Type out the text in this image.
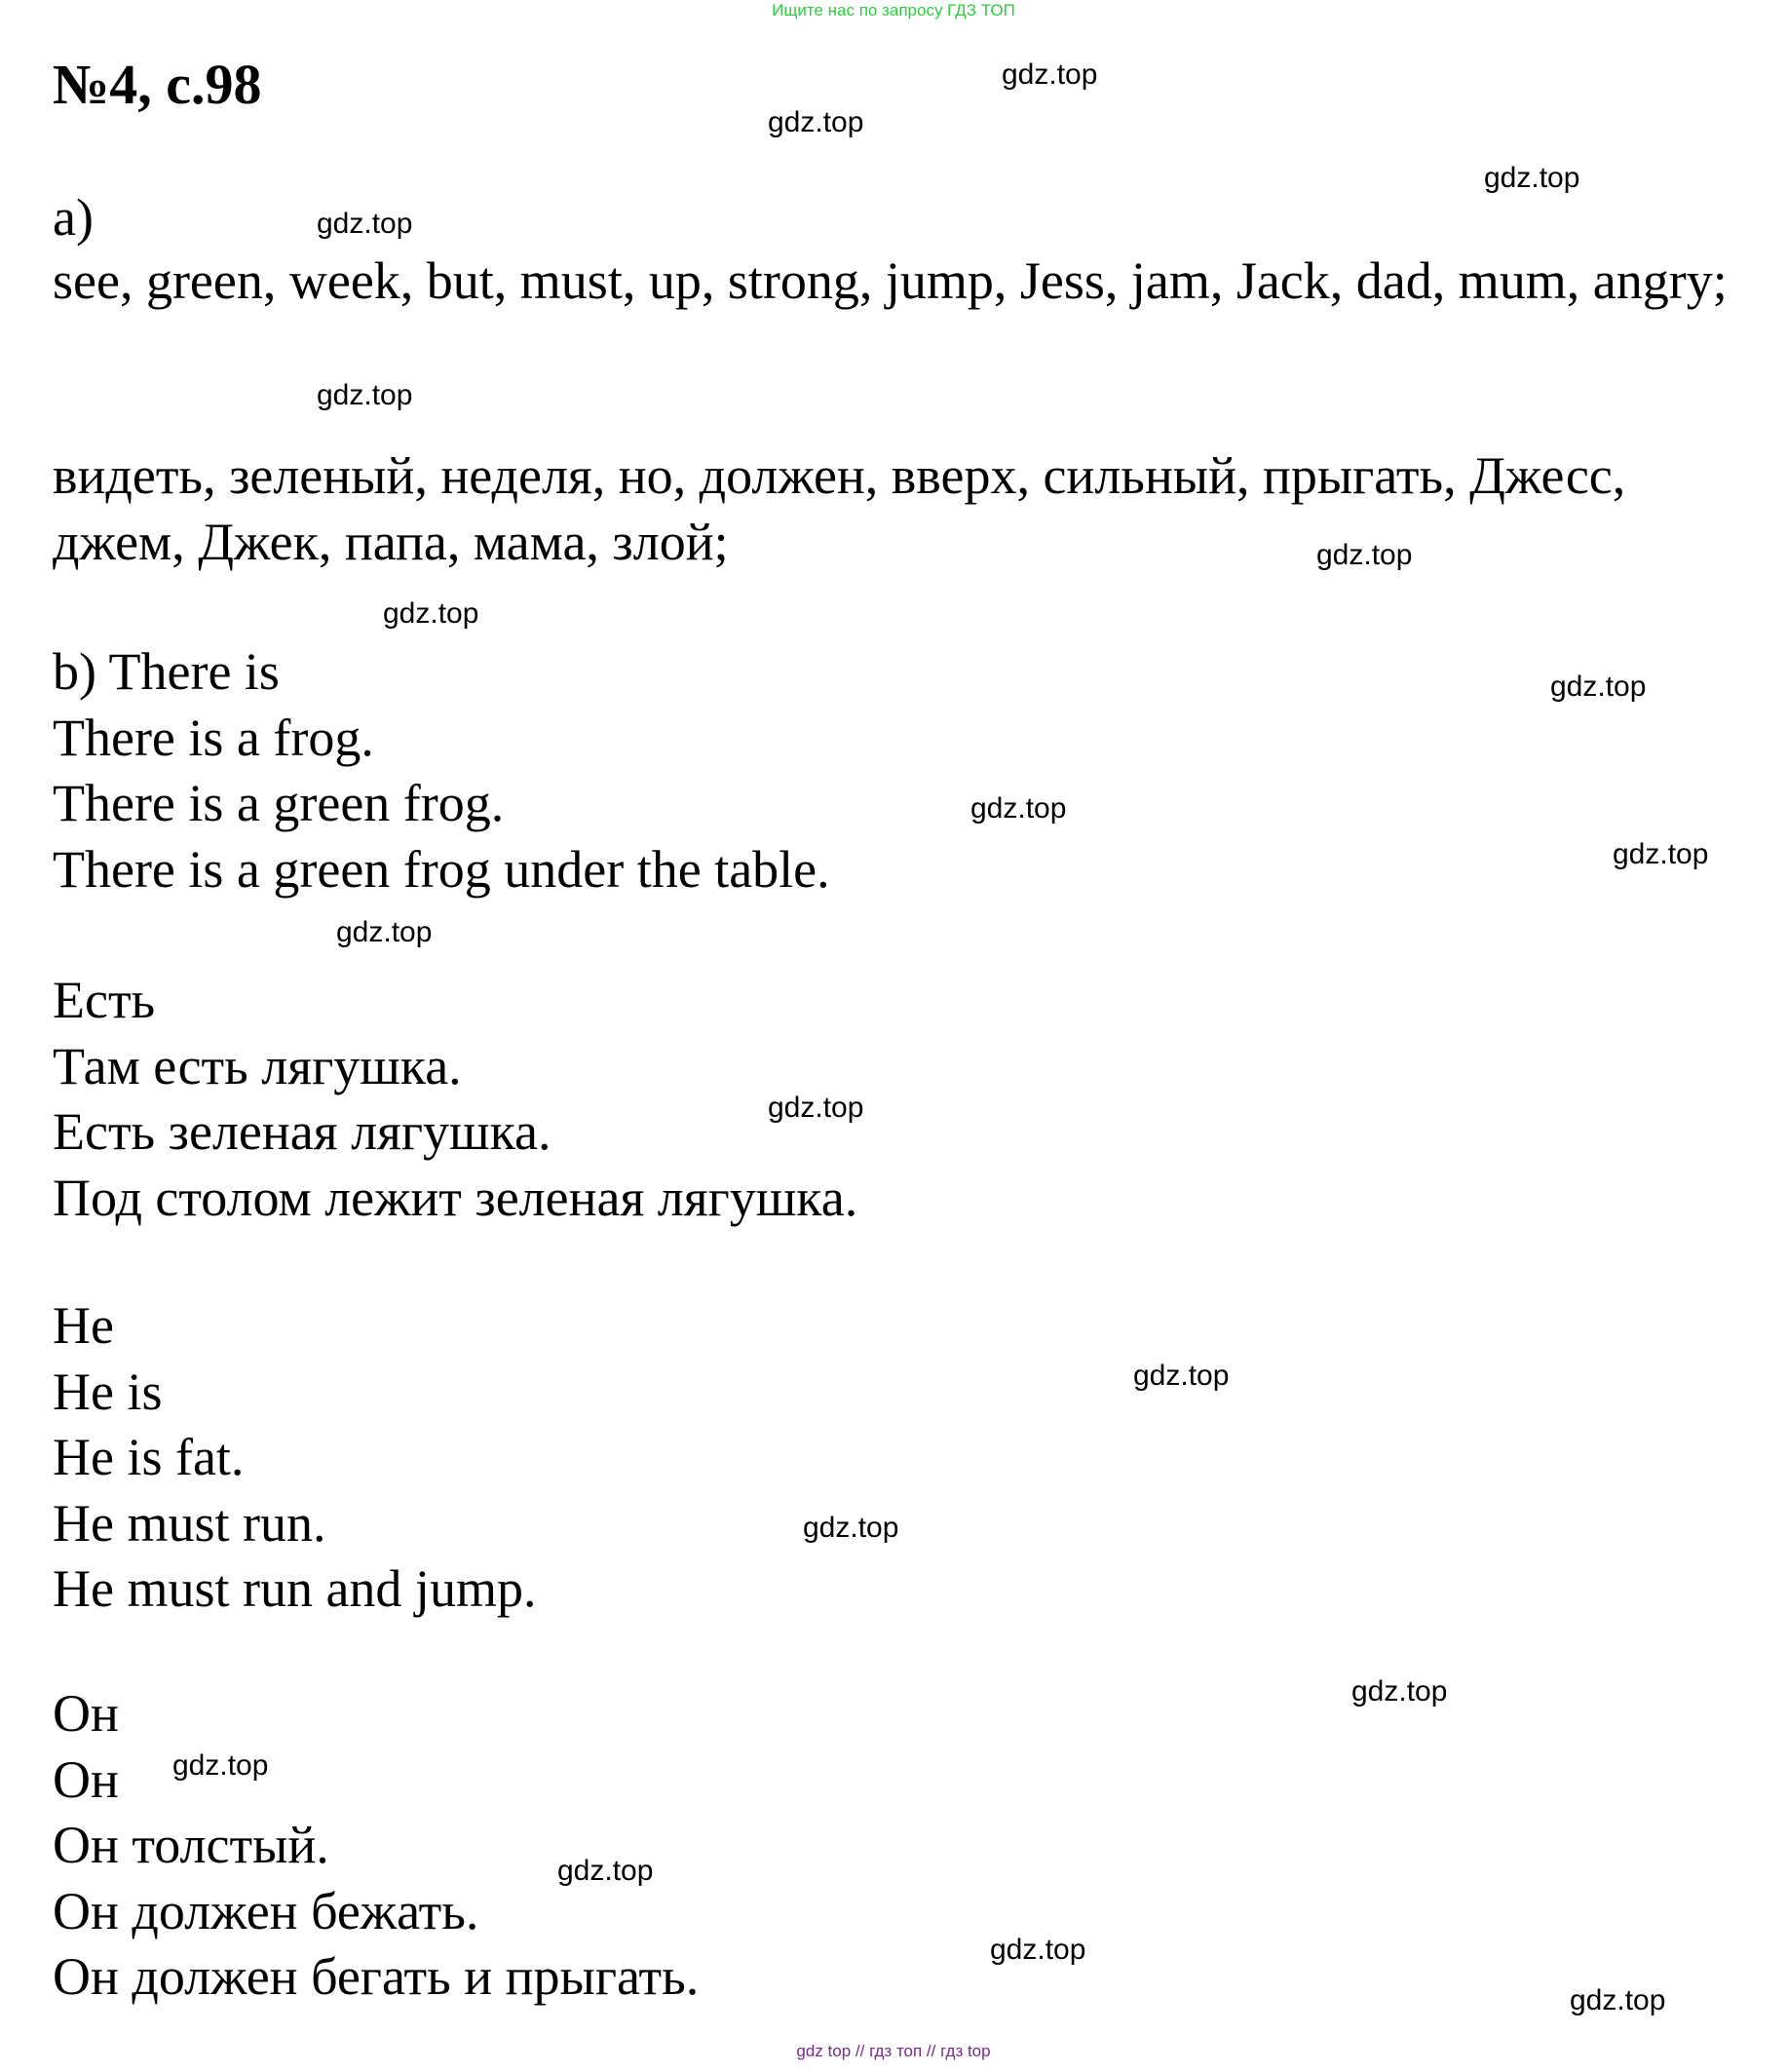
Ищите нас по запросу ГДЗ ТОП
№4, с.98
a)

see, green, week, but, must, up, strong, jump, Jess, jam, Jack, dad, mum, angry;

видеть, зеленый, неделя, но, должен, вверх, сильный, прыгать, Джесс, джем, Джек, папа, мама, злой;

b) There is
There is a frog.
There is a green frog.
There is a green frog under the table.
Есть
Там есть лягушка.
Есть зеленая лягушка.
Под столом лежит зеленая лягушка.
He
He is
He is fat.
He must run.
He must run and jump.
Он
Он
Он толстый.
Он должен бежать.
Он должен бегать и прыгать.
gdz.top
gdz.top
gdz.top
gdz.top
gdz.top
gdz.top
gdz.top
gdz.top
gdz.top
gdz.top
gdz.top
gdz.top
gdz.top
gdz.top
gdz.top
gdz.top
gdz.top
gdz.top
gdz.top
gdz top // гдз топ // гдз top
